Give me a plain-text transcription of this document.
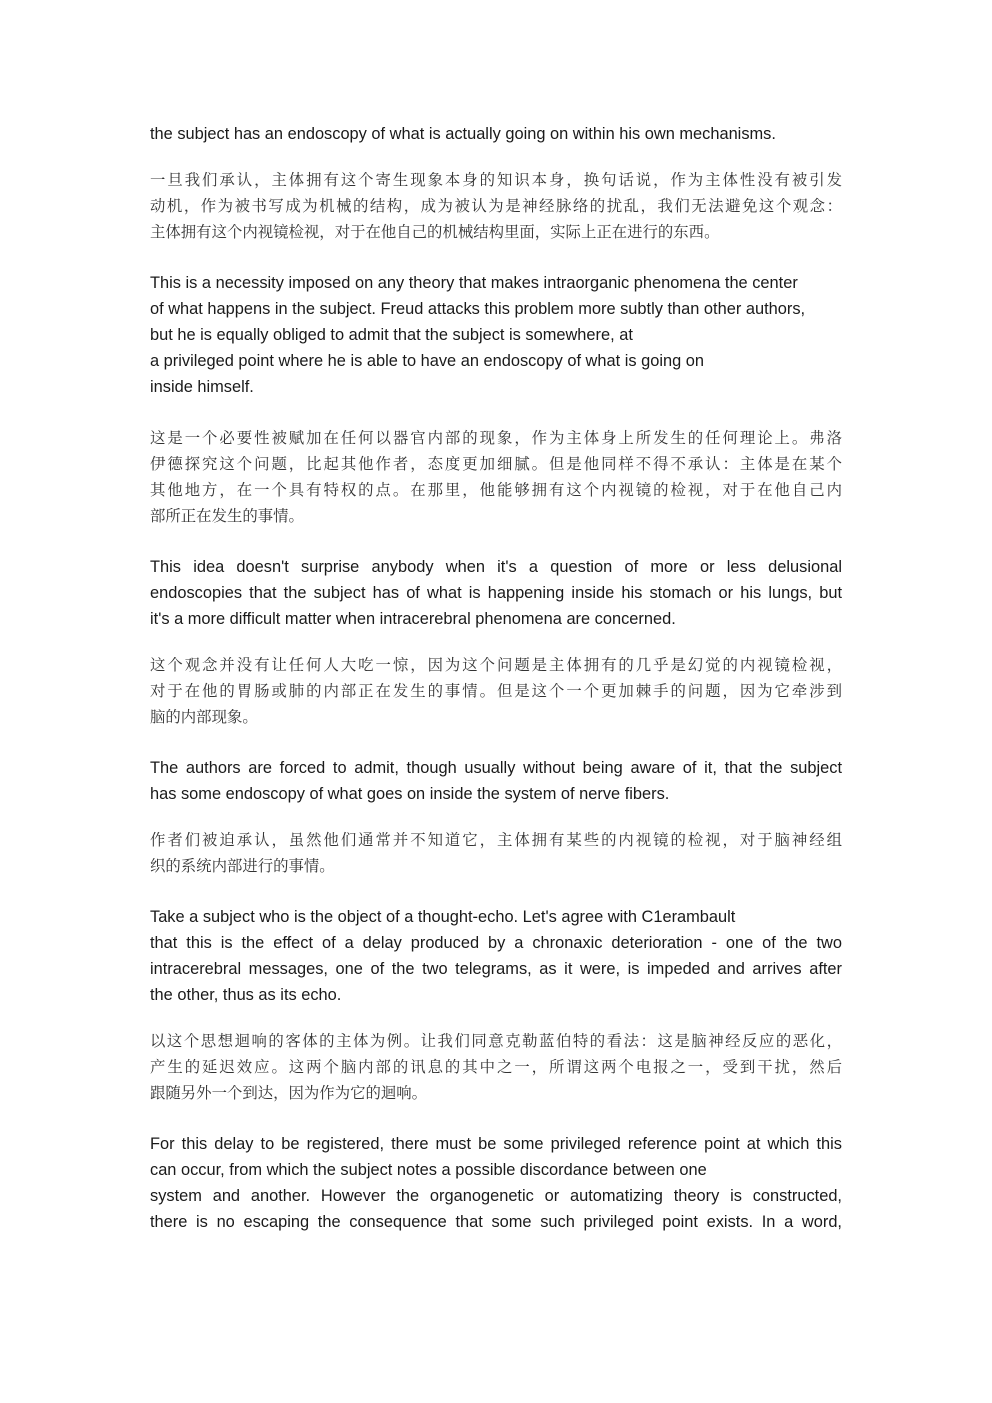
the subject has an endoscopy of what is actually going on within his own mechanisms.
一旦我们承认，主体拥有这个寄生现象本身的知识本身，换句话说，作为主体性没有被引发
动机，作为被书写成为机械的结构，成为被认为是神经脉络的扰乱，我们无法避免这个观念：
主体拥有这个内视镜检视，对于在他自己的机械结构里面，实际上正在进行的东西。
This is a necessity imposed on any theory that makes intraorganic phenomena the center
of what happens in the subject. Freud attacks this problem more subtly than other authors,
but he is equally obliged to admit that the subject is somewhere, at
a privileged point where he is able to have an endoscopy of what is going on
inside himself.
这是一个必要性被赋加在任何以器官内部的现象，作为主体身上所发生的任何理论上。弗洛
伊德探究这个问题，比起其他作者，态度更加细腻。但是他同样不得不承认：主体是在某个
其他地方，在一个具有特权的点。在那里，他能够拥有这个内视镜的检视，对于在他自己内
部所正在发生的事情。
This idea doesn't surprise anybody when it's a question of more or less delusional
endoscopies that the subject has of what is happening inside his stomach or his lungs, but
it's a more difficult matter when intracerebral phenomena are concerned.
这个观念并没有让任何人大吃一惊，因为这个问题是主体拥有的几乎是幻觉的内视镜检视，
对于在他的胃肠或肺的内部正在发生的事情。但是这个一个更加棘手的问题，因为它牵涉到
脑的内部现象。
The authors are forced to admit, though usually without being aware of it, that the subject
has some endoscopy of what goes on inside the system of nerve fibers.
作者们被迫承认，虽然他们通常并不知道它，主体拥有某些的内视镜的检视，对于脑神经组
织的系统内部进行的事情。
Take a subject who is the object of a thought-echo. Let's agree with C1erambault
that this is the effect of a delay produced by a chronaxic deterioration - one of the two
intracerebral messages, one of the two telegrams, as it were, is impeded and arrives after
the other, thus as its echo.
以这个思想迴响的客体的主体为例。让我们同意克勒蓝伯特的看法：这是脑神经反应的恶化，
产生的延迟效应。这两个脑内部的讯息的其中之一，所谓这两个电报之一，受到干扰，然后
跟随另外一个到达，因为作为它的迴响。
For this delay to be registered, there must be some privileged reference point at which this
can occur, from which the subject notes a possible discordance between one
system and another. However the organogenetic or automatizing theory is constructed,
there is no escaping the consequence that some such privileged point exists. In a word,
